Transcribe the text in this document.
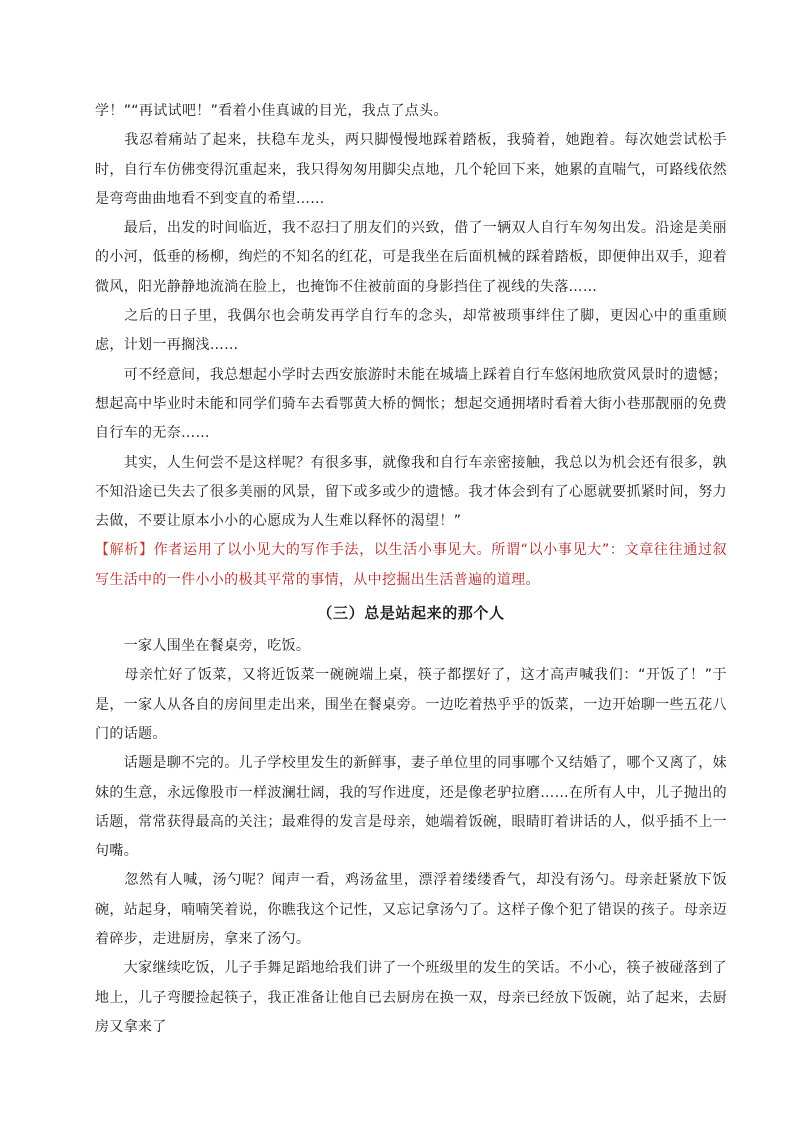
学！”“再试试吧！”看着小佳真诚的目光，我点了点头。

　　我忍着痛站了起来，扶稳车龙头，两只脚慢慢地踩着踏板，我骑着，她跑着。每次她尝试松手时，自行车仿佛变得沉重起来，我只得匆匆用脚尖点地，几个轮回下来，她累的直喘气，可路线依然是弯弯曲曲地看不到变直的希望……

　　最后，出发的时间临近，我不忍扫了朋友们的兴致，借了一辆双人自行车匆匆出发。沿途是美丽的小河，低垂的杨柳，绚烂的不知名的红花，可是我坐在后面机械的踩着踏板，即便伸出双手，迎着微风，阳光静静地流淌在脸上，也掩饰不住被前面的身影挡住了视线的失落……

　　之后的日子里，我偶尔也会萌发再学自行车的念头，却常被琐事绊住了脚，更因心中的重重顾虑，计划一再搁浅……

　　可不经意间，我总想起小学时去西安旅游时未能在城墙上踩着自行车悠闲地欣赏风景时的遗憾；想起高中毕业时未能和同学们骑车去看鄂黄大桥的惆怅；想起交通拥堵时看着大街小巷那靓丽的免费自行车的无奈……

　　其实，人生何尝不是这样呢？有很多事，就像我和自行车亲密接触，我总以为机会还有很多，孰不知沿途已失去了很多美丽的风景，留下或多或少的遗憾。我才体会到有了心愿就要抓紧时间，努力去做，不要让原本小小的心愿成为人生难以释怀的渴望！”

【解析】作者运用了以小见大的写作手法，以生活小事见大。所谓“以小事见大”：文章往往通过叙写生活中的一件小小的极其平常的事情，从中挖掘出生活普遍的道理。

（三）总是站起来的那个人

　　一家人围坐在餐桌旁，吃饭。

　　母亲忙好了饭菜，又将近饭菜一碗碗端上桌，筷子都摆好了，这才高声喊我们：“开饭了！”于是，一家人从各自的房间里走出来，围坐在餐桌旁。一边吃着热乎乎的饭菜，一边开始聊一些五花八门的话题。

　　话题是聊不完的。儿子学校里发生的新鲜事，妻子单位里的同事哪个又结婚了，哪个又离了，妹妹的生意，永远像股市一样波澜壮阔，我的写作进度，还是像老驴拉磨……在所有人中，儿子抛出的话题，常常获得最高的关注；最难得的发言是母亲，她端着饭碗，眼睛盯着讲话的人，似乎插不上一句嘴。

　　忽然有人喊，汤勺呢？闻声一看，鸡汤盆里，漂浮着缕缕香气，却没有汤勺。母亲赶紧放下饭碗，站起身，喃喃笑着说，你瞧我这个记性，又忘记拿汤勺了。这样子像个犯了错误的孩子。母亲迈着碎步，走进厨房，拿来了汤勺。

　　大家继续吃饭，儿子手舞足蹈地给我们讲了一个班级里的发生的笑话。不小心，筷子被碰落到了地上，儿子弯腰捡起筷子，我正准备让他自已去厨房在换一双，母亲已经放下饭碗，站了起来，去厨房又拿来了
